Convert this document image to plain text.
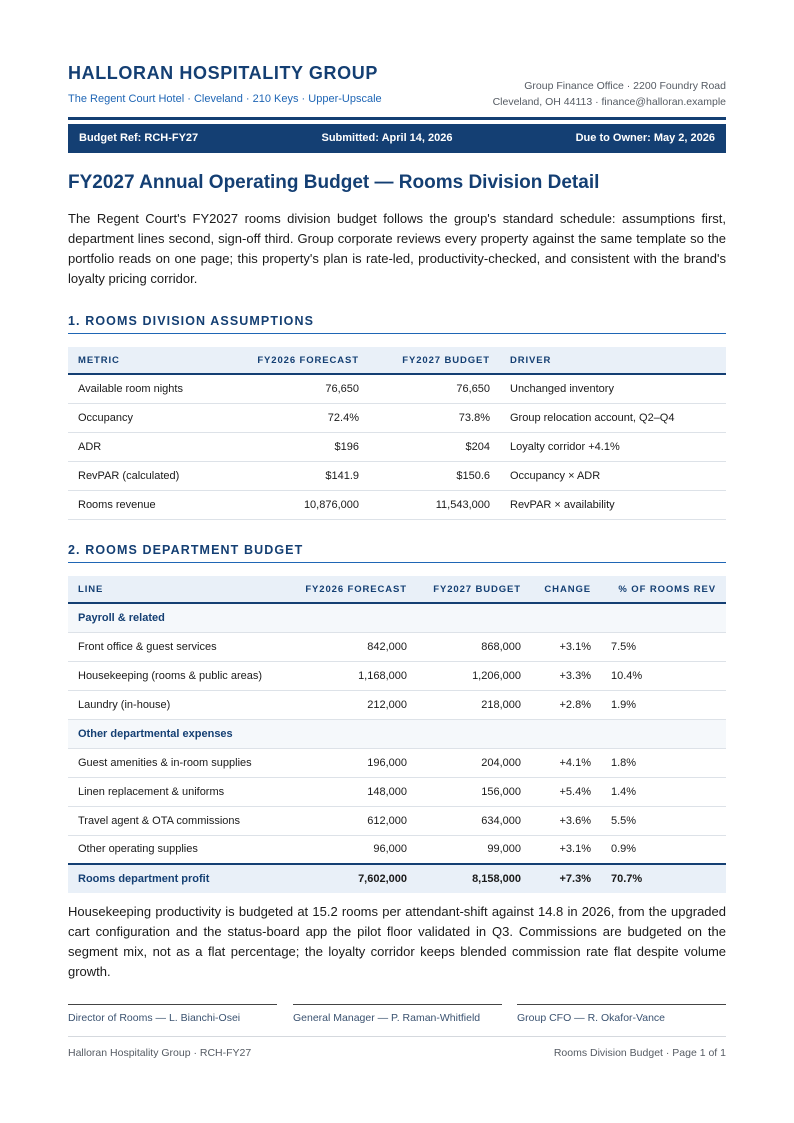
HALLORAN HOSPITALITY GROUP
The Regent Court Hotel · Cleveland · 210 Keys · Upper-Upscale
Group Finance Office · 2200 Foundry Road
Cleveland, OH 44113 · finance@halloran.example
Budget Ref: RCH-FY27	Submitted: April 14, 2026	Due to Owner: May 2, 2026
FY2027 Annual Operating Budget — Rooms Division Detail
The Regent Court's FY2027 rooms division budget follows the group's standard schedule: assumptions first, department lines second, sign-off third. Group corporate reviews every property against the same template so the portfolio reads on one page; this property's plan is rate-led, productivity-checked, and consistent with the brand's loyalty pricing corridor.
1. ROOMS DIVISION ASSUMPTIONS
METRIC	FY2026 FORECAST	FY2027 BUDGET	DRIVER
Available room nights	76,650	76,650	Unchanged inventory
Occupancy	72.4%	73.8%	Group relocation account, Q2–Q4
ADR	$196	$204	Loyalty corridor +4.1%
RevPAR (calculated)	$141.9	$150.6	Occupancy × ADR
Rooms revenue	10,876,000	11,543,000	RevPAR × availability
2. ROOMS DEPARTMENT BUDGET
LINE	FY2026 FORECAST	FY2027 BUDGET	CHANGE	% OF ROOMS REV
Payroll & related				
Front office & guest services	842,000	868,000	+3.1%	7.5%
Housekeeping (rooms & public areas)	1,168,000	1,206,000	+3.3%	10.4%
Laundry (in-house)	212,000	218,000	+2.8%	1.9%
Other departmental expenses				
Guest amenities & in-room supplies	196,000	204,000	+4.1%	1.8%
Linen replacement & uniforms	148,000	156,000	+5.4%	1.4%
Travel agent & OTA commissions	612,000	634,000	+3.6%	5.5%
Other operating supplies	96,000	99,000	+3.1%	0.9%
Rooms department profit	7,602,000	8,158,000	+7.3%	70.7%
Housekeeping productivity is budgeted at 15.2 rooms per attendant-shift against 14.8 in 2026, from the upgraded cart configuration and the status-board app the pilot floor validated in Q3. Commissions are budgeted on the segment mix, not as a flat percentage; the loyalty corridor keeps blended commission rate flat despite volume growth.
Director of Rooms — L. Bianchi-Osei	General Manager — P. Raman-Whitfield	Group CFO — R. Okafor-Vance
Halloran Hospitality Group · RCH-FY27	Rooms Division Budget · Page 1 of 1
